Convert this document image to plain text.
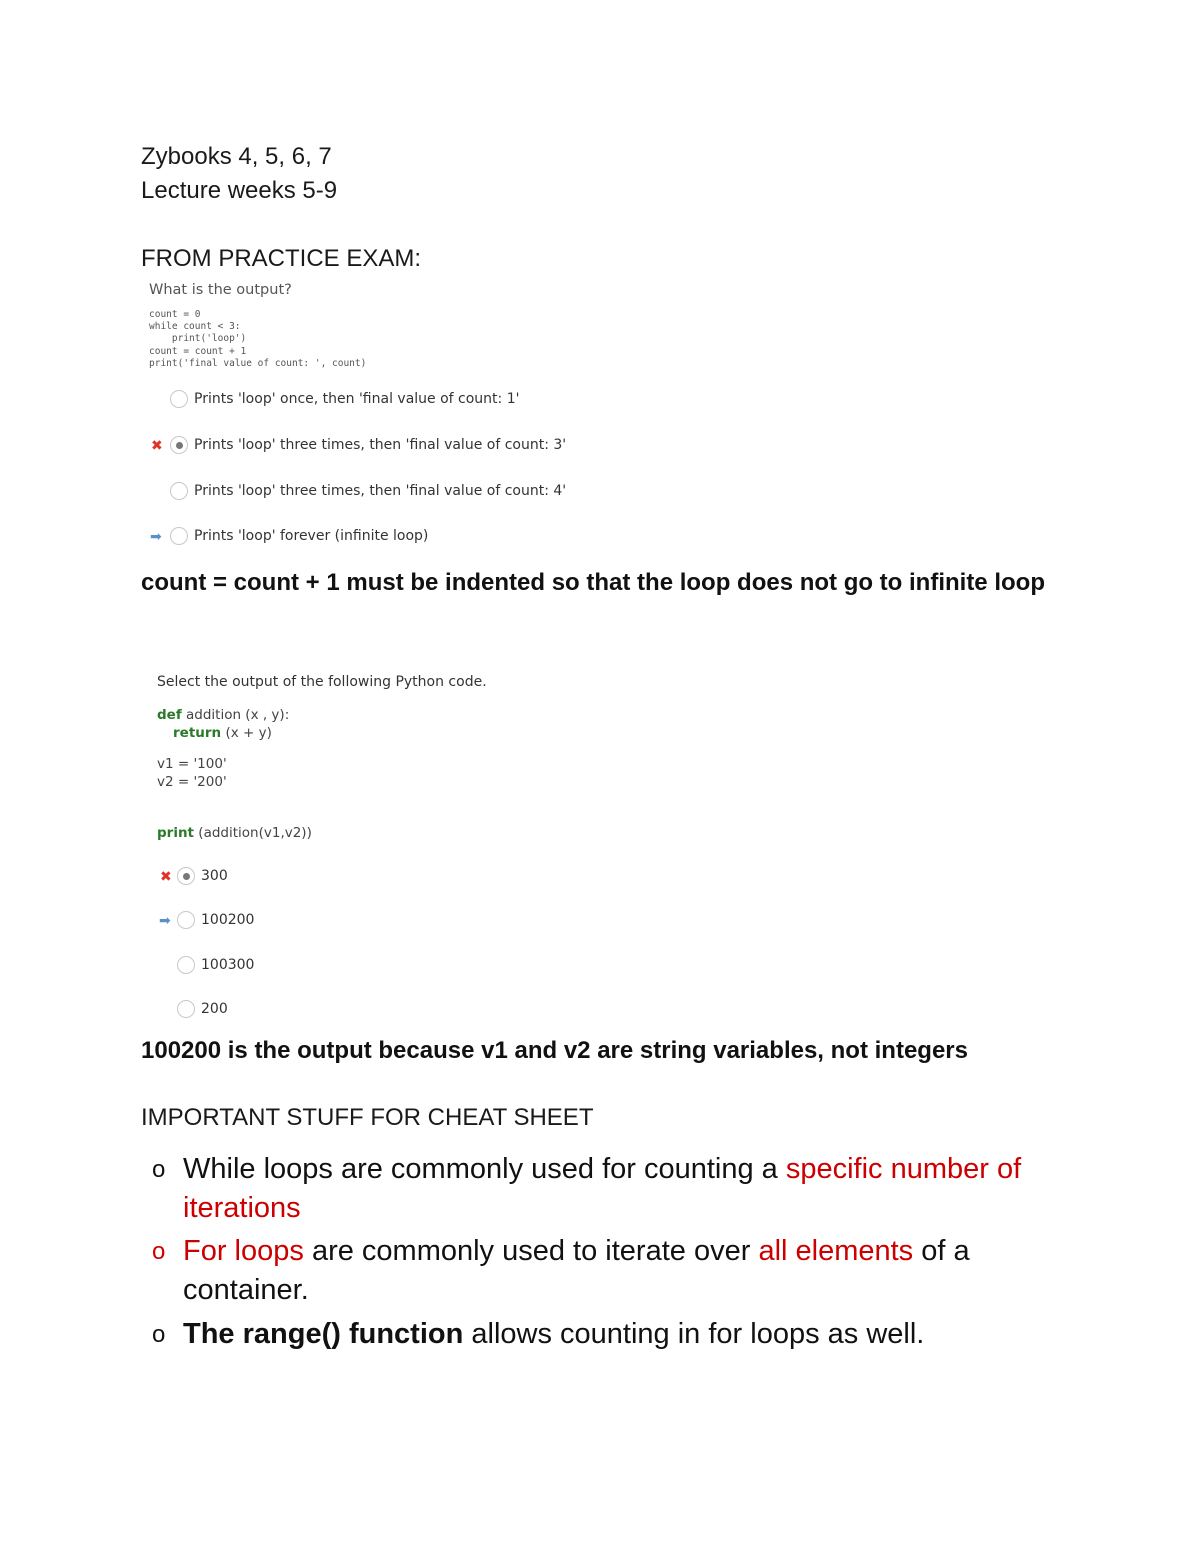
Zybooks 4, 5, 6, 7
Lecture weeks 5-9
FROM PRACTICE EXAM:
What is the output?
count = 0
while count < 3:
print('loop')
count = count + 1
print('final value of count: ', count)
Prints 'loop' once, then 'final value of count: 1'
✖ Prints 'loop' three times, then 'final value of count: 3'
Prints 'loop' three times, then 'final value of count: 4'
➡ Prints 'loop' forever (infinite loop)
count = count + 1 must be indented so that the loop does not go to infinite loop
Select the output of the following Python code.
def addition (x , y):
return (x + y)
v1 = '100'
v2 = '200'
print (addition(v1,v2))
✖ 300
➡ 100200
100300
200
100200 is the output because v1 and v2 are string variables, not integers
IMPORTANT STUFF FOR CHEAT SHEET
o While loops are commonly used for counting a specific number of iterations
o For loops are commonly used to iterate over all elements of a container.
o The range() function allows counting in for loops as well.
